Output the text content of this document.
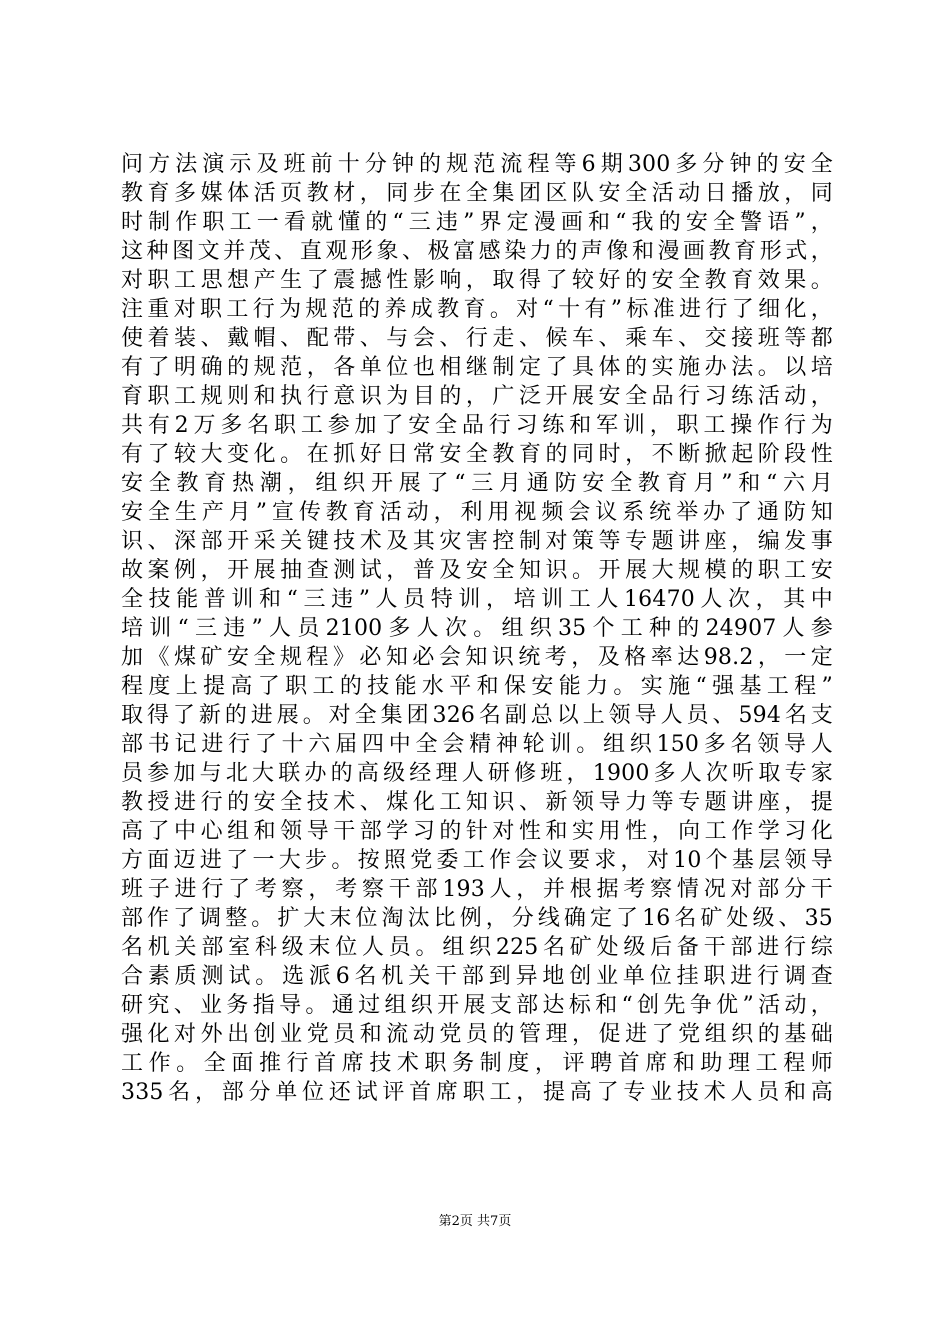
问方法演示及班前十分钟的规范流程等6期300多分钟的安全
教育多媒体活页教材，同步在全集团区队安全活动日播放，同
时制作职工一看就懂的“三违”界定漫画和“我的安全警语”，
这种图文并茂、直观形象、极富感染力的声像和漫画教育形式，
对职工思想产生了震撼性影响，取得了较好的安全教育效果。
注重对职工行为规范的养成教育。对“十有”标准进行了细化，
使着装、戴帽、配带、与会、行走、候车、乘车、交接班等都
有了明确的规范，各单位也相继制定了具体的实施办法。以培
育职工规则和执行意识为目的，广泛开展安全品行习练活动，
共有2万多名职工参加了安全品行习练和军训，职工操作行为
有了较大变化。在抓好日常安全教育的同时，不断掀起阶段性
安全教育热潮，组织开展了“三月通防安全教育月”和“六月
安全生产月”宣传教育活动，利用视频会议系统举办了通防知
识、深部开采关键技术及其灾害控制对策等专题讲座，编发事
故案例，开展抽查测试，普及安全知识。开展大规模的职工安
全技能普训和“三违”人员特训，培训工人16470人次，其中
培训“三违”人员2100多人次。组织35个工种的24907人参
加《煤矿安全规程》必知必会知识统考，及格率达98.2，一定
程度上提高了职工的技能水平和保安能力。实施“强基工程”
取得了新的进展。对全集团326名副总以上领导人员、594名支
部书记进行了十六届四中全会精神轮训。组织150多名领导人
员参加与北大联办的高级经理人研修班，1900多人次听取专家
教授进行的安全技术、煤化工知识、新领导力等专题讲座，提
高了中心组和领导干部学习的针对性和实用性，向工作学习化
方面迈进了一大步。按照党委工作会议要求，对10个基层领导
班子进行了考察，考察干部193人，并根据考察情况对部分干
部作了调整。扩大末位淘汰比例，分线确定了16名矿处级、35
名机关部室科级末位人员。组织225名矿处级后备干部进行综
合素质测试。选派6名机关干部到异地创业单位挂职进行调查
研究、业务指导。通过组织开展支部达标和“创先争优”活动，
强化对外出创业党员和流动党员的管理，促进了党组织的基础
工作。全面推行首席技术职务制度，评聘首席和助理工程师
335名，部分单位还试评首席职工，提高了专业技术人员和高
第2页 共7页
